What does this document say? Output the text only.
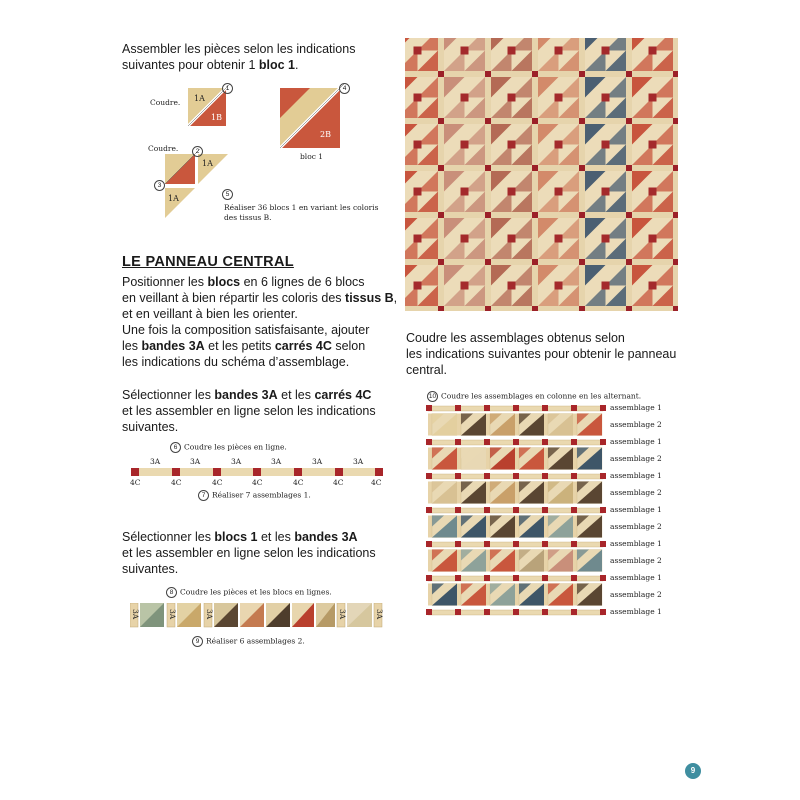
Assembler les pièces selon les indications
suivantes pour obtenir 1 bloc 1.
Coudre. 1A
1B
1
Coudre.	2
1A
3
1A
4
2B
bloc 1
5
Réaliser 36 blocs 1 en variant les coloris
des tissus B.
LE PANNEAU CENTRAL
Positionner les blocs en 6 lignes de 6 blocs
en veillant à bien répartir les coloris des tissus B,
et en veillant à bien les orienter.
Une fois la composition satisfaisante, ajouter
les bandes 3A et les petits carrés 4C selon
les indications du schéma d’assemblage.
Sélectionner les bandes 3A et les carrés 4C
et les assembler en ligne selon les indications
suivantes.
6 Coudre les pièces en ligne.
3A	3A	3A	3A	3A	3A
4C	4C	4C	4C	4C	4C	4C
7 Réaliser 7 assemblages 1.
Sélectionner les blocs 1 et les bandes 3A
et les assembler en ligne selon les indications
suivantes.
8 Coudre les pièces et les blocs en lignes.
3A	3A	3A	3A	3A
9 Réaliser 6 assemblages 2.
Coudre les assemblages obtenus selon
les indications suivantes pour obtenir le panneau
central.
10 Coudre les assemblages en colonne en les alternant.
assemblage 1
assemblage 2
assemblage 1
assemblage 2
assemblage 1
assemblage 2
assemblage 1
assemblage 2
assemblage 1
assemblage 2
assemblage 1
assemblage 2
assemblage 1
9
